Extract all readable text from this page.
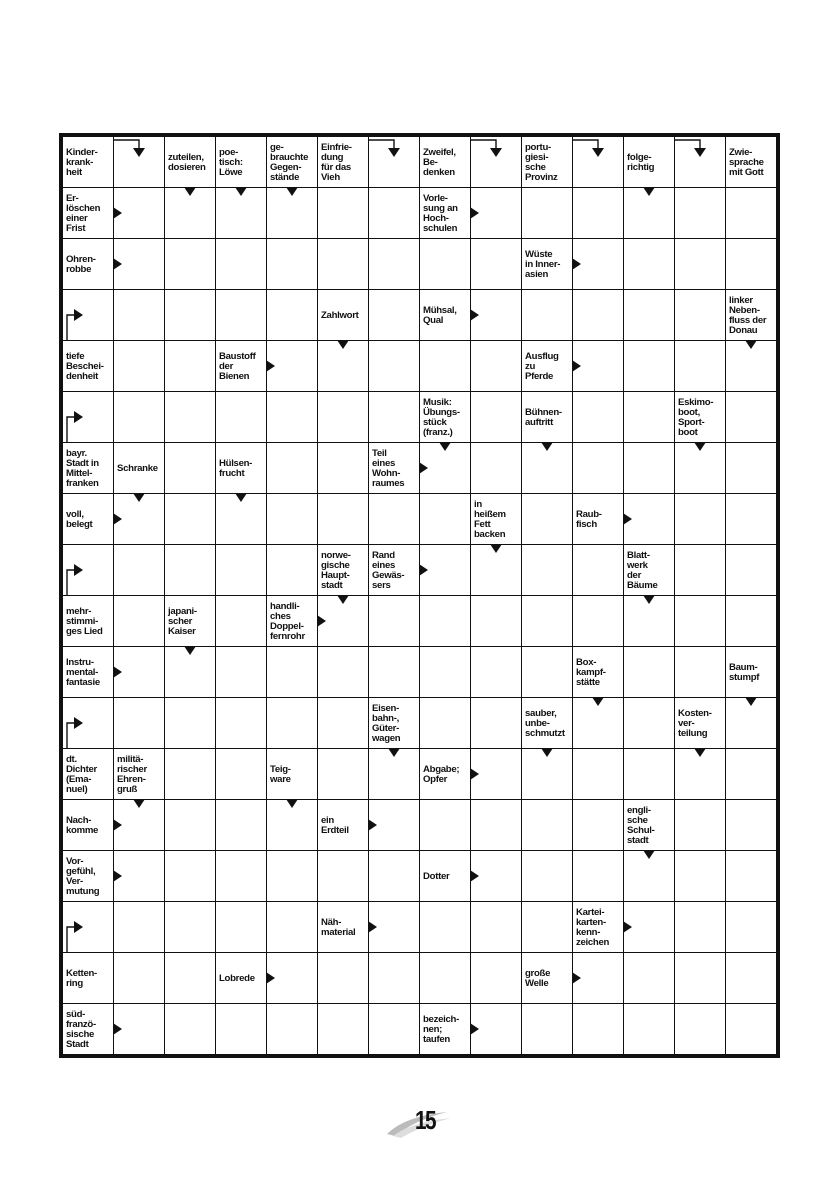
Kinder-
krank-
heit
zuteilen,
dosieren
poe-
tisch:
Löwe
ge-
brauchte
Gegen-
stände
Einfrie-
dung
für das
Vieh
Zweifel,
Be-
denken
portu-
giesi-
sche
Provinz
folge-
richtig
Zwie-
sprache
mit Gott
Er-
löschen
einer
Frist
Vorle-
sung an
Hoch-
schulen
Ohren-
robbe
Wüste
in Inner-
asien
Zahlwort	Mühsal,
Qual
linker
Neben-
fluss der
Donau
tiefe
Beschei-
denheit
Baustoff
der
Bienen
Ausflug
zu
Pferde
Musik:
Übungs-
stück
(franz.)
Bühnen-
auftritt
Eskimo-
boot,
Sport-
boot
bayr.
Stadt in
Mittel-
franken
Schranke	Hülsen-
frucht
Teil
eines
Wohn-
raumes
voll,
belegt
in
heißem
Fett
backen
Raub-
fisch
norwe-
gische
Haupt-
stadt
Rand
eines
Gewäs-
sers
Blatt-
werk
der
Bäume
mehr-
stimmi-
ges Lied
japani-
scher
Kaiser
handli-
ches
Doppel-
fernrohr
Instru-
mental-
fantasie
Box-
kampf-
stätte
Baum-
stumpf
Eisen-
bahn-,
Güter-
wagen
sauber,
unbe-
schmutzt
Kosten-
ver-
teilung
dt.
Dichter
(Ema-
nuel)
militä-
rischer
Ehren-
gruß
Teig-
ware
Abgabe;
Opfer
Nach-
komme
ein
Erdteil
engli-
sche
Schul-
stadt
Vor-
gefühl,
Ver-
mutung
Dotter
Näh-
material
Kartei-
karten-
kenn-
zeichen
Ketten-
ring	Lobrede	große
Welle
süd-
franzö-
sische
Stadt
bezeich-
nen;
taufen
15
